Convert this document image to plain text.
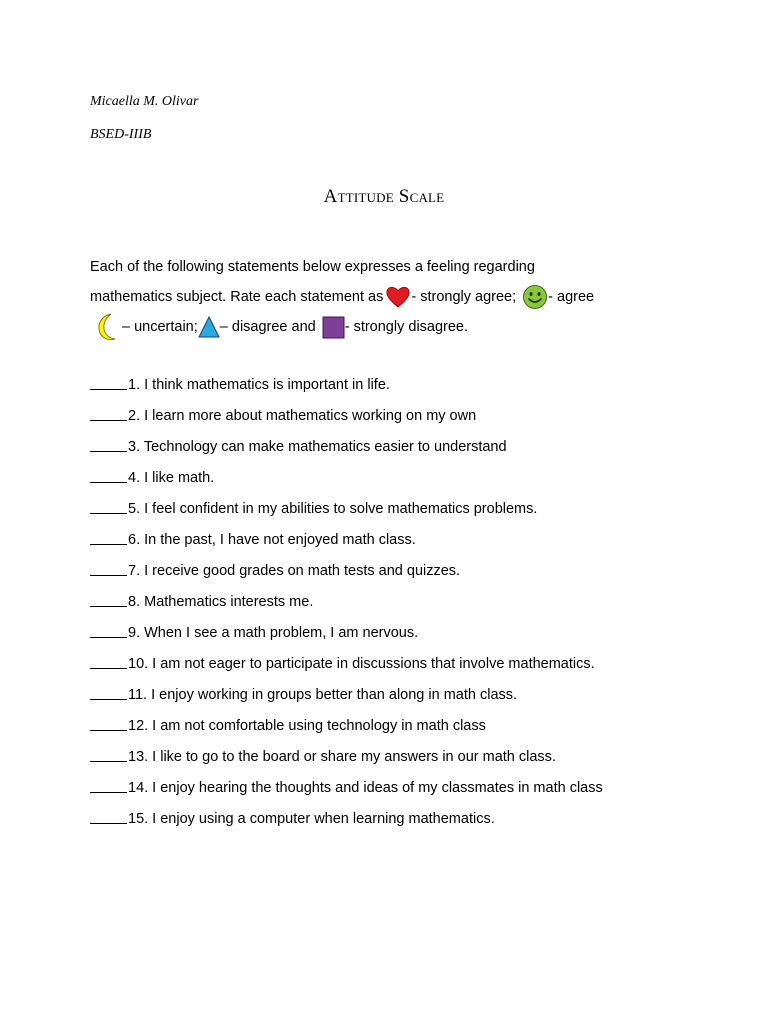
Micaella M. Olivar
BSED-IIIB
Attitude Scale
Each of the following statements below expresses a feeling regarding
mathematics subject. Rate each statement as - strongly agree; - agree
– uncertain; – disagree and - strongly disagree.
1. I think mathematics is important in life.
2. I learn more about mathematics working on my own
3. Technology can make mathematics easier to understand
4. I like math.
5. I feel confident in my abilities to solve mathematics problems.
6. In the past, I have not enjoyed math class.
7. I receive good grades on math tests and quizzes.
8. Mathematics interests me.
9. When I see a math problem, I am nervous.
10. I am not eager to participate in discussions that involve mathematics.
11. I enjoy working in groups better than along in math class.
12. I am not comfortable using technology in math class
13. I like to go to the board or share my answers in our math class.
14. I enjoy hearing the thoughts and ideas of my classmates in math class
15. I enjoy using a computer when learning mathematics.
